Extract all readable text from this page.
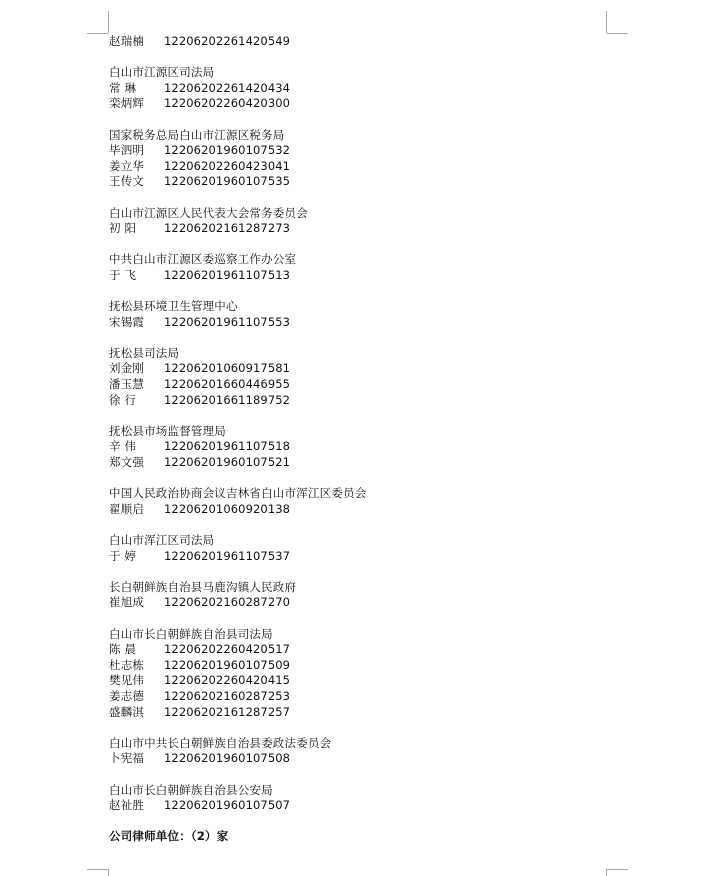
赵瑞楠	12206202261420549
白山市江源区司法局
常 琳	12206202261420434
栾炳辉	12206202260420300
国家税务总局白山市江源区税务局
毕泗明	12206201960107532
姜立华	12206202260423041
王传文	12206201960107535
白山市江源区人民代表大会常务委员会
初 阳	12206202161287273
中共白山市江源区委巡察工作办公室
于 飞	12206201961107513
抚松县环境卫生管理中心
宋锡霞	12206201961107553
抚松县司法局
刘金刚	12206201060917581
潘玉慧	12206201660446955
徐 行	12206201661189752
抚松县市场监督管理局
辛 伟	12206201961107518
郑文强	12206201960107521
中国人民政治协商会议吉林省白山市浑江区委员会
翟顺启	12206201060920138
白山市浑江区司法局
于 婷	12206201961107537
长白朝鲜族自治县马鹿沟镇人民政府
崔旭成	12206202160287270
白山市长白朝鲜族自治县司法局
陈 晨	12206202260420517
杜志栋	12206201960107509
樊见伟	12206202260420415
姜志德	12206202160287253
盛麟淇	12206202161287257
白山市中共长白朝鲜族自治县委政法委员会
卜宪福	12206201960107508
白山市长白朝鲜族自治县公安局
赵祉胜	12206201960107507
公司律师单位：（2）家
